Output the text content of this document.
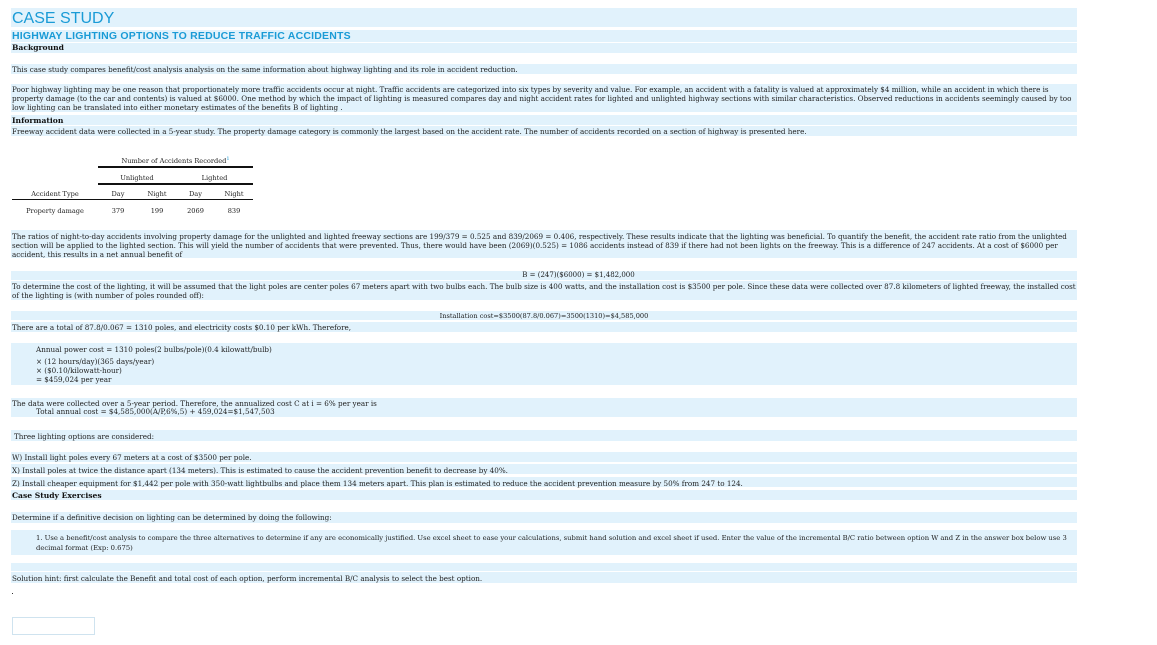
CASE STUDY
HIGHWAY LIGHTING OPTIONS TO REDUCE TRAFFIC ACCIDENTS
Background
This case study compares benefit/cost analysis analysis on the same information about highway lighting and its role in accident reduction.
Poor highway lighting may be one reason that proportionately more traffic accidents occur at night. Traffic accidents are categorized into six types by severity and value. For example, an accident with a fatality is valued at approximately $4 million, while an accident in which there is property damage (to the car and contents) is valued at $6000. One method by which the impact of lighting is measured compares day and night accident rates for lighted and unlighted highway sections with similar characteristics. Observed reductions in accidents seemingly caused by too low lighting can be translated into either monetary estimates of the benefits B of lighting .
Information
Freeway accident data were collected in a 5-year study. The property damage category is commonly the largest based on the accident rate. The number of accidents recorded on a section of highway is presented here.
	Number of Accidents Recorded$^1$

	Unlighted		Lighted	

Accident Type	Day	Night	Day	Night

Property damage	379	199	2069	839
The ratios of night-to-day accidents involving property damage for the unlighted and lighted freeway sections are 199/379 = 0.525 and 839/2069 = 0.406, respectively. These results indicate that the lighting was beneficial. To quantify the benefit, the accident rate ratio from the unlighted section will be applied to the lighted section. This will yield the number of accidents that were prevented. Thus, there would have been (2069)(0.525) = 1086 accidents instead of 839 if there had not been lights on the freeway. This is a difference of 247 accidents. At a cost of $6000 per accident, this results in a net annual benefit of
B = (247)($6000) = $1,482,000
To determine the cost of the lighting, it will be assumed that the light poles are center poles 67 meters apart with two bulbs each. The bulb size is 400 watts, and the installation cost is $3500 per pole. Since these data were collected over 87.8 kilometers of lighted freeway, the installed cost of the lighting is (with number of poles rounded off):
Installation cost=$3500(87.8/0.067)=3500(1310)=$4,585,000
There are a total of 87.8/0.067 = 1310 poles, and electricity costs $0.10 per kWh. Therefore,
Annual power cost = 1310 poles(2 bulbs/pole)(0.4 kilowatt/bulb)
× (12 hours/day)(365 days/year)
× ($0.10/kilowatt-hour)
= $459,024 per year
The data were collected over a 5-year period. Therefore, the annualized cost C at i = 6% per year is
Total annual cost = $4,585,000(A/P,6%,5) + 459,024=$1,547,503
Three lighting options are considered:
W) Install light poles every 67 meters at a cost of $3500 per pole.
X) Install poles at twice the distance apart (134 meters). This is estimated to cause the accident prevention benefit to decrease by 40%.
Z) Install cheaper equipment for $1,442 per pole with 350-watt lightbulbs and place them 134 meters apart. This plan is estimated to reduce the accident prevention measure by 50% from 247 to 124.
Case Study Exercises
Determine if a definitive decision on lighting can be determined by doing the following:
1. Use a benefit/cost analysis to compare the three alternatives to determine if any are economically justified. Use excel sheet to ease your calculations, submit hand solution and excel sheet if used. Enter the value of the incremental B/C ratio between option W and Z in the answer box below use 3 decimal format (Exp: 0.675)
Solution hint: first calculate the Benefit and total cost of each option, perform incremental B/C analysis to select the best option.
